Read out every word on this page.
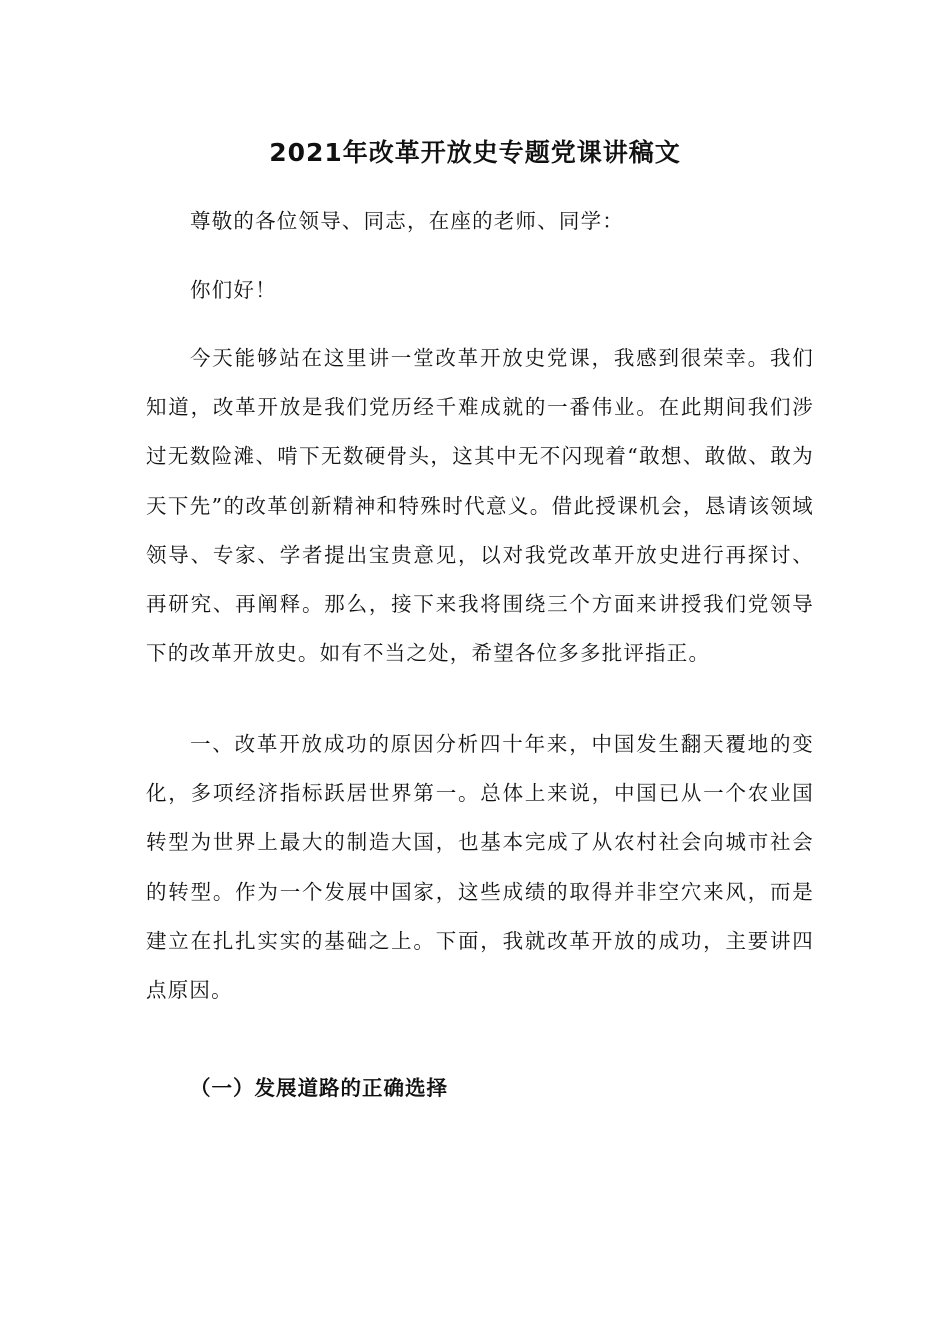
2021年改革开放史专题党课讲稿文

尊敬的各位领导、同志，在座的老师、同学：

你们好！

今天能够站在这里讲一堂改革开放史党课，我感到很荣幸。我们知道，改革开放是我们党历经千难成就的一番伟业。在此期间我们涉过无数险滩、啃下无数硬骨头，这其中无不闪现着“敢想、敢做、敢为天下先”的改革创新精神和特殊时代意义。借此授课机会，恳请该领域领导、专家、学者提出宝贵意见，以对我党改革开放史进行再探讨、再研究、再阐释。那么，接下来我将围绕三个方面来讲授我们党领导下的改革开放史。如有不当之处，希望各位多多批评指正。

一、改革开放成功的原因分析四十年来，中国发生翻天覆地的变化，多项经济指标跃居世界第一。总体上来说，中国已从一个农业国转型为世界上最大的制造大国，也基本完成了从农村社会向城市社会的转型。作为一个发展中国家，这些成绩的取得并非空穴来风，而是建立在扎扎实实的基础之上。下面，我就改革开放的成功，主要讲四点原因。

（一）发展道路的正确选择
